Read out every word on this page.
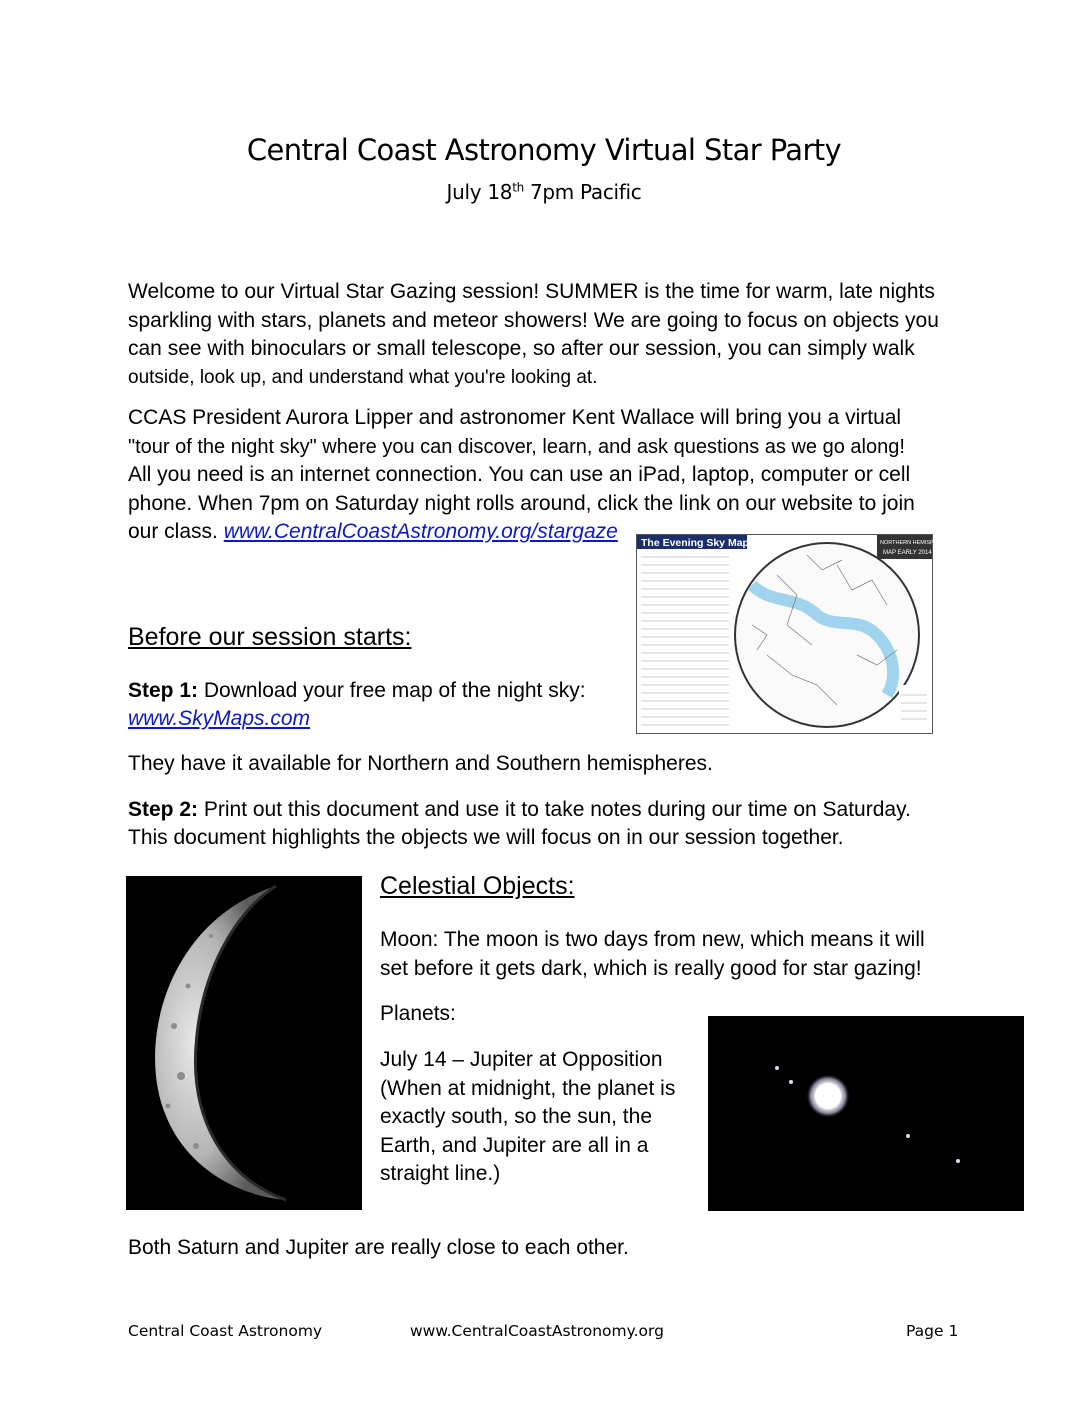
Central Coast Astronomy Virtual Star Party
July 18th 7pm Pacific
Welcome to our Virtual Star Gazing session! SUMMER is the time for warm, late nights
sparkling with stars, planets and meteor showers! We are going to focus on objects you
can see with binoculars or small telescope, so after our session, you can simply walk
outside, look up, and understand what you're looking at.
CCAS President Aurora Lipper and astronomer Kent Wallace will bring you a virtual
"tour of the night sky" where you can discover, learn, and ask questions as we go along!
All you need is an internet connection. You can use an iPad, laptop, computer or cell
phone. When 7pm on Saturday night rolls around, click the link on our website to join
our class. www.CentralCoastAstronomy.org/stargaze	The Evening Sky Map	NORTHERN HEMISPHERE
MAP EARLY 2014
Before our session starts:
Step 1: Download your free map of the night sky:
www.SkyMaps.com
They have it available for Northern and Southern hemispheres.
Step 2: Print out this document and use it to take notes during our time on Saturday.
This document highlights the objects we will focus on in our session together.
Celestial Objects:
Moon: The moon is two days from new, which means it will
set before it gets dark, which is really good for star gazing!
Planets:
July 14 – Jupiter at Opposition
(When at midnight, the planet is
exactly south, so the sun, the
Earth, and Jupiter are all in a
straight line.)
Both Saturn and Jupiter are really close to each other.
Central Coast Astronomy	www.CentralCoastAstronomy.org	Page 1
